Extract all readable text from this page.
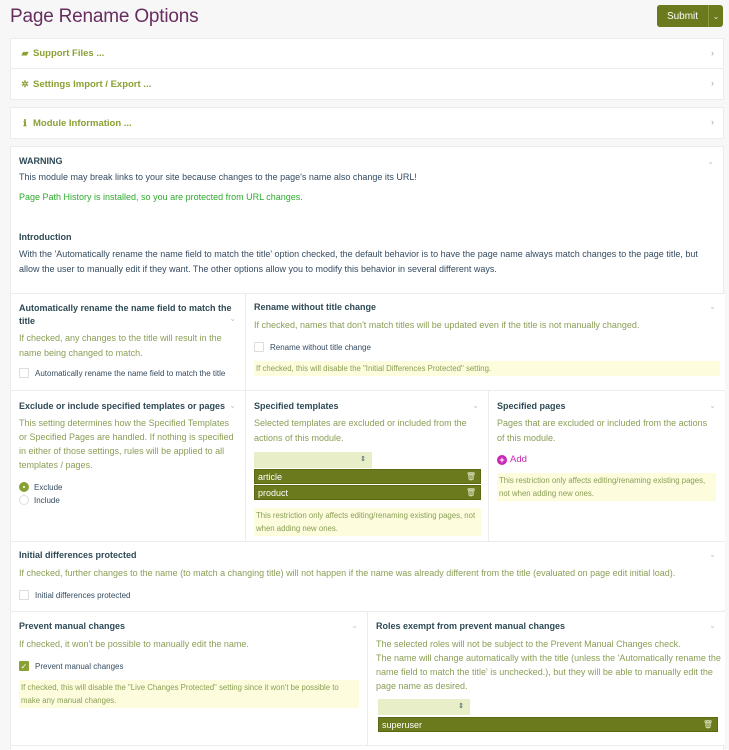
Page Rename Options	Submit	⌄
▰ Support Files ...	›
✲ Settings Import / Export ...	›
ℹ Module Information ...	›
WARNING
This module may break links to your site because changes to the page's name also change its URL!
Page Path History is installed, so you are protected from URL changes.
Introduction
With the 'Automatically rename the name field to match the title' option checked, the default behavior is to have the page name always match changes to the page title, but allow the user to manually edit if they want. The other options allow you to modify this behavior in several different ways.
⌄
Automatically rename the name field to match the title	⌄
If checked, any changes to the title will result in the name being changed to match.
Automatically rename the name field to match the title
Rename without title change	⌄
If checked, names that don't match titles will be updated even if the title is not manually changed.
Rename without title change
If checked, this will disable the "Initial Differences Protected" setting.
Exclude or include specified templates or pages ⌄
This setting determines how the Specified Templates or Specified Pages are handled. If nothing is specified in either of those settings, rules will be applied to all templates / pages.
Exclude
Include
Specified templates	⌄
Selected templates are excluded or included from the actions of this module.
⇕
article	🗑
product	🗑
This restriction only affects editing/renaming existing pages, not when adding new ones.
Specified pages	⌄
Pages that are excluded or included from the actions of this module.
+ Add
This restriction only affects editing/renaming existing pages, not when adding new ones.
Initial differences protected	⌄
If checked, further changes to the name (to match a changing title) will not happen if the name was already different from the title (evaluated on page edit initial load).
Initial differences protected
Prevent manual changes	⌄
If checked, it won't be possible to manually edit the name.
✓ Prevent manual changes
If checked, this will disable the "Live Changes Protected" setting since it won't be possible to make any manual changes.
Roles exempt from prevent manual changes	⌄
The selected roles will not be subject to the Prevent Manual Changes check.
The name will change automatically with the title (unless the 'Automatically rename the name field to match the title' is unchecked.), but they will be able to manually edit the page name as desired.
⇕
superuser	🗑
